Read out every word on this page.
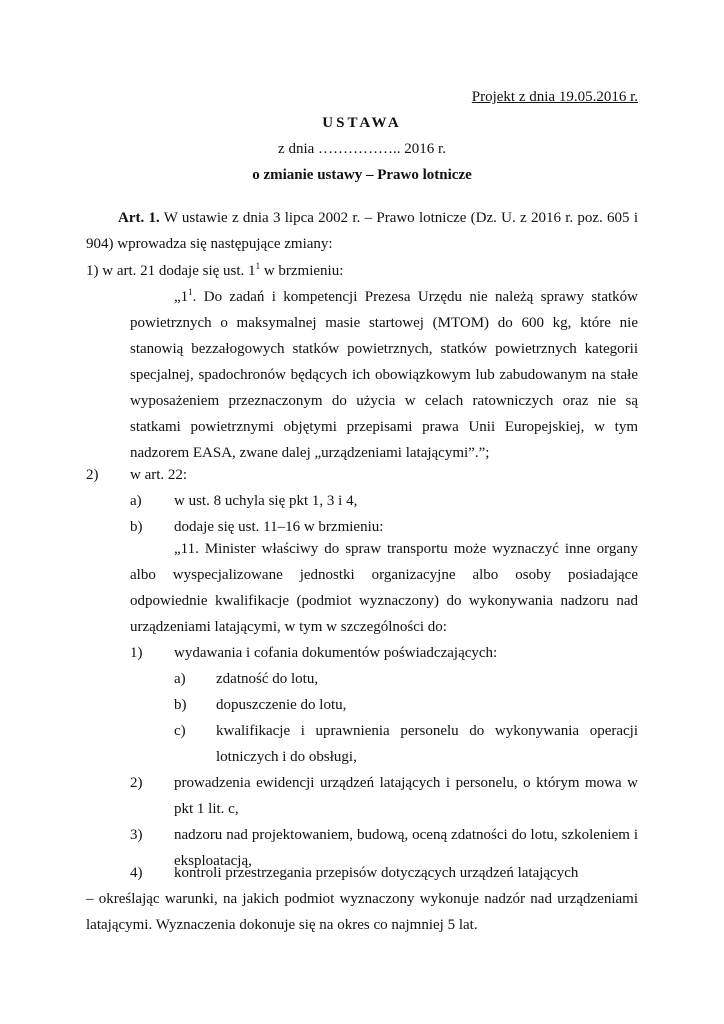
Projekt z dnia 19.05.2016 r.
USTAWA
z dnia …………….. 2016 r.
o zmianie ustawy – Prawo lotnicze
Art. 1. W ustawie z dnia 3 lipca 2002 r. – Prawo lotnicze (Dz. U. z 2016 r. poz. 605 i 904) wprowadza się następujące zmiany:
1) w art. 21 dodaje się ust. $1^1$ w brzmieniu:
$„1^1$. Do zadań i kompetencji Prezesa Urzędu nie należą sprawy statków powietrznych o maksymalnej masie startowej (MTOM) do 600 kg, które nie stanowią bezzałogowych statków powietrznych, statków powietrznych kategorii specjalnej, spadochronów będących ich obowiązkowym lub zabudowanym na stałe wyposażeniem przeznaczonym do użycia w celach ratowniczych oraz nie są statkami powietrznymi objętymi przepisami prawa Unii Europejskiej, w tym nadzorem EASA, zwane dalej „urządzeniami latającymi”.”;
2) w art. 22:
a) w ust. 8 uchyla się pkt 1, 3 i 4,
b) dodaje się ust. 11–16 w brzmieniu:
„11. Minister właściwy do spraw transportu może wyznaczyć inne organy albo wyspecjalizowane jednostki organizacyjne albo osoby posiadające odpowiednie kwalifikacje (podmiot wyznaczony) do wykonywania nadzoru nad urządzeniami latającymi, w tym w szczególności do:
1) wydawania i cofania dokumentów poświadczających:
a) zdatność do lotu,
b) dopuszczenie do lotu,
c) kwalifikacje i uprawnienia personelu do wykonywania operacji lotniczych i do obsługi,
2) prowadzenia ewidencji urządzeń latających i personelu, o którym mowa w pkt 1 lit. c,
3) nadzoru nad projektowaniem, budową, oceną zdatności do lotu, szkoleniem i eksploatacją,
4) kontroli przestrzegania przepisów dotyczących urządzeń latających
– określając warunki, na jakich podmiot wyznaczony wykonuje nadzór nad urządzeniami latającymi. Wyznaczenia dokonuje się na okres co najmniej 5 lat.
